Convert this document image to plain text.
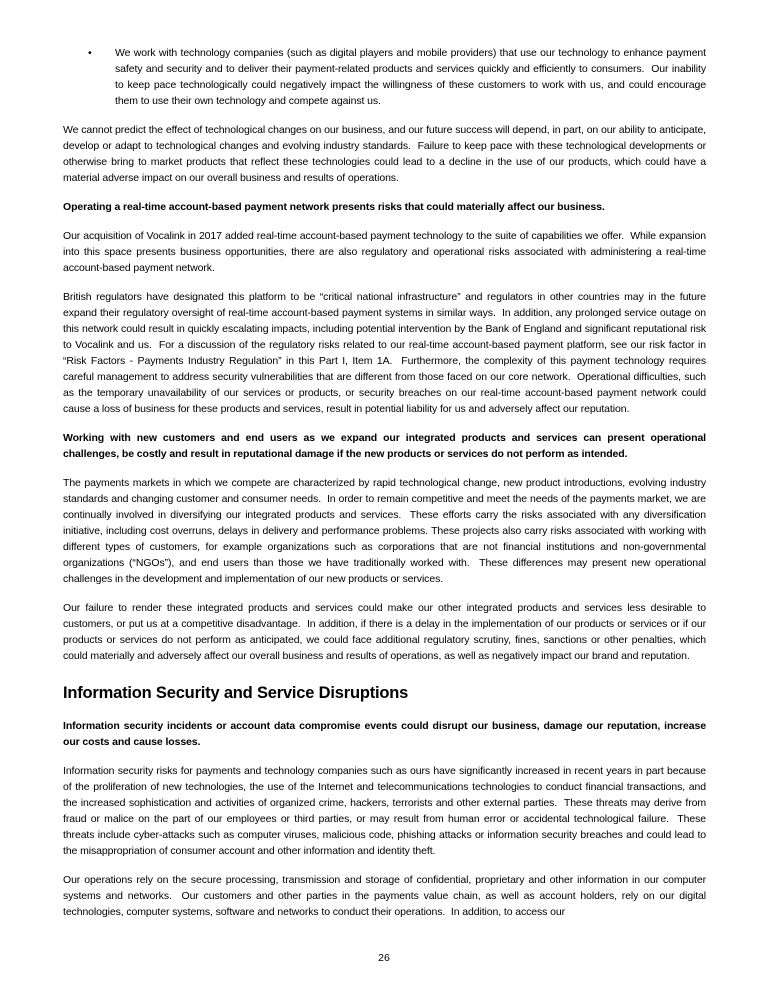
•	We work with technology companies (such as digital players and mobile providers) that use our technology to enhance payment safety and security and to deliver their payment-related products and services quickly and efficiently to consumers.  Our inability to keep pace technologically could negatively impact the willingness of these customers to work with us, and could encourage them to use their own technology and compete against us.

We cannot predict the effect of technological changes on our business, and our future success will depend, in part, on our ability to anticipate, develop or adapt to technological changes and evolving industry standards.  Failure to keep pace with these technological developments or otherwise bring to market products that reflect these technologies could lead to a decline in the use of our products, which could have a material adverse impact on our overall business and results of operations.

Operating a real-time account-based payment network presents risks that could materially affect our business.

Our acquisition of Vocalink in 2017 added real-time account-based payment technology to the suite of capabilities we offer.  While expansion into this space presents business opportunities, there are also regulatory and operational risks associated with administering a real-time account-based payment network.

British regulators have designated this platform to be “critical national infrastructure” and regulators in other countries may in the future expand their regulatory oversight of real-time account-based payment systems in similar ways.  In addition, any prolonged service outage on this network could result in quickly escalating impacts, including potential intervention by the Bank of England and significant reputational risk to Vocalink and us.  For a discussion of the regulatory risks related to our real-time account-based payment platform, see our risk factor in “Risk Factors - Payments Industry Regulation” in this Part I, Item 1A.  Furthermore, the complexity of this payment technology requires careful management to address security vulnerabilities that are different from those faced on our core network.  Operational difficulties, such as the temporary unavailability of our services or products, or security breaches on our real-time account-based payment network could cause a loss of business for these products and services, result in potential liability for us and adversely affect our reputation.

Working with new customers and end users as we expand our integrated products and services can present operational challenges, be costly and result in reputational damage if the new products or services do not perform as intended.

The payments markets in which we compete are characterized by rapid technological change, new product introductions, evolving industry standards and changing customer and consumer needs.  In order to remain competitive and meet the needs of the payments market, we are continually involved in diversifying our integrated products and services.  These efforts carry the risks associated with any diversification initiative, including cost overruns, delays in delivery and performance problems. These projects also carry risks associated with working with different types of customers, for example organizations such as corporations that are not financial institutions and non-governmental organizations (“NGOs”), and end users than those we have traditionally worked with.  These differences may present new operational challenges in the development and implementation of our new products or services.

Our failure to render these integrated products and services could make our other integrated products and services less desirable to customers, or put us at a competitive disadvantage.  In addition, if there is a delay in the implementation of our products or services or if our products or services do not perform as anticipated, we could face additional regulatory scrutiny, fines, sanctions or other penalties, which could materially and adversely affect our overall business and results of operations, as well as negatively impact our brand and reputation.

Information Security and Service Disruptions

Information security incidents or account data compromise events could disrupt our business, damage our reputation, increase our costs and cause losses.

Information security risks for payments and technology companies such as ours have significantly increased in recent years in part because of the proliferation of new technologies, the use of the Internet and telecommunications technologies to conduct financial transactions, and the increased sophistication and activities of organized crime, hackers, terrorists and other external parties.  These threats may derive from fraud or malice on the part of our employees or third parties, or may result from human error or accidental technological failure.  These threats include cyber-attacks such as computer viruses, malicious code, phishing attacks or information security breaches and could lead to the misappropriation of consumer account and other information and identity theft.

Our operations rely on the secure processing, transmission and storage of confidential, proprietary and other information in our computer systems and networks.  Our customers and other parties in the payments value chain, as well as account holders, rely on our digital technologies, computer systems, software and networks to conduct their operations.  In addition, to access our

26
